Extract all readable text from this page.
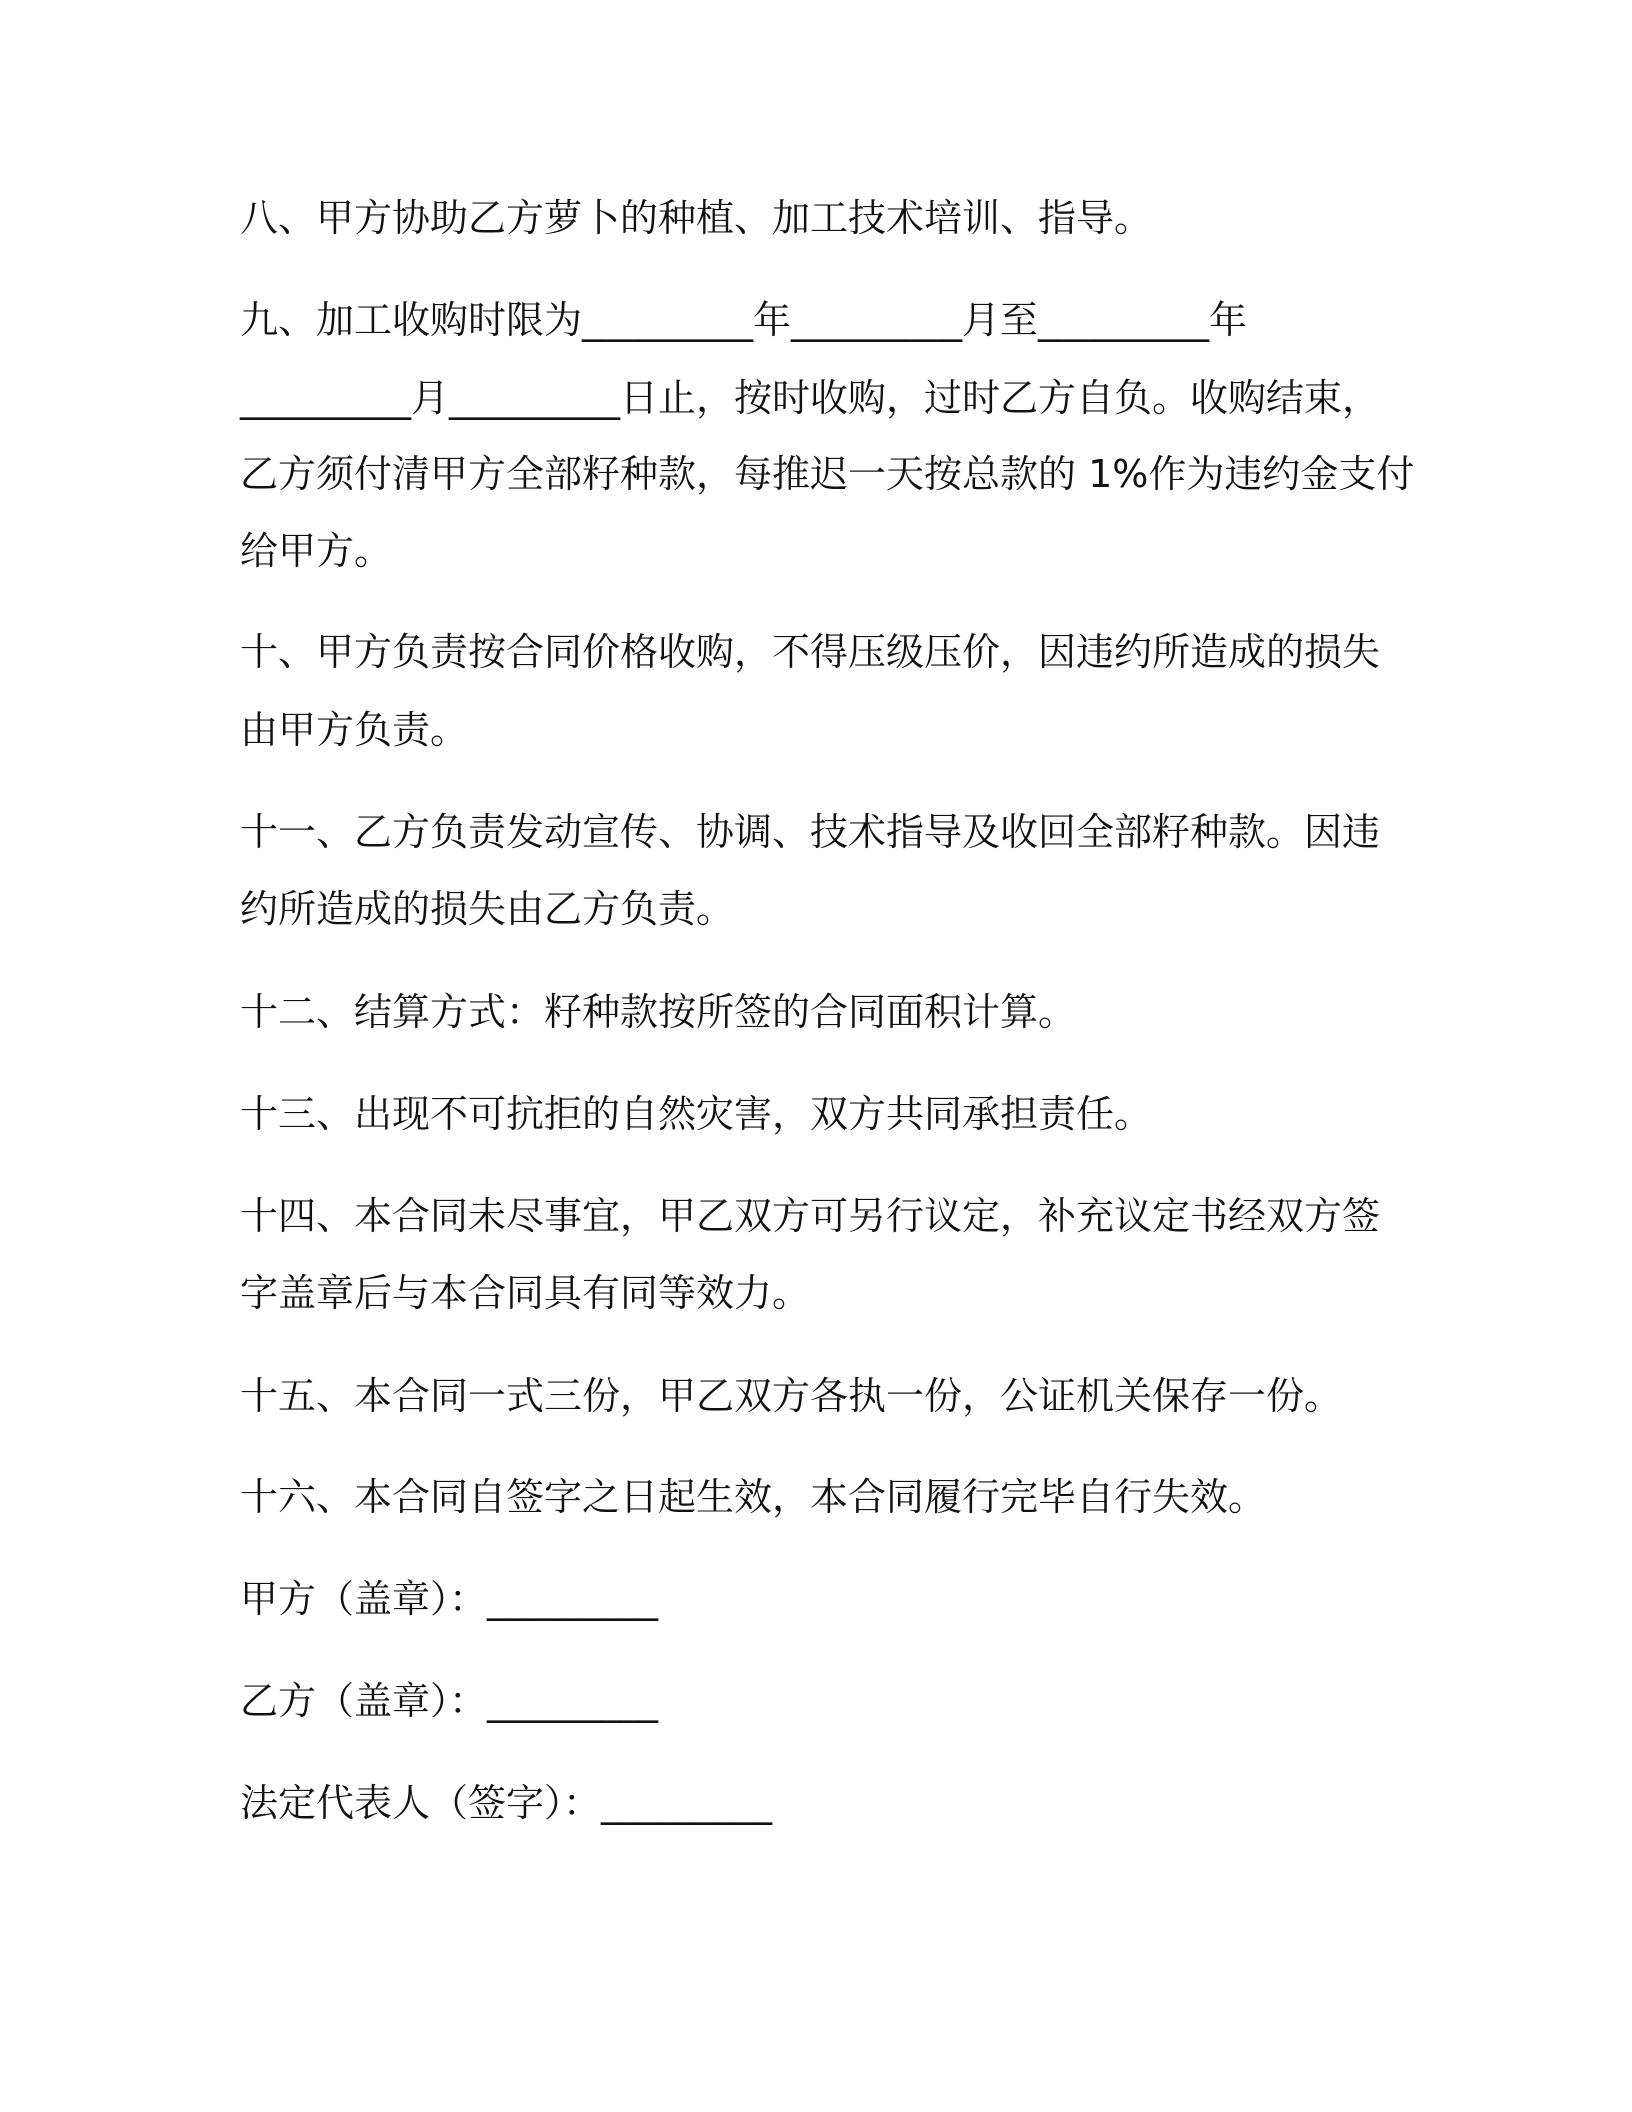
八、甲方协助乙方萝卜的种植、加工技术培训、指导。
九、加工收购时限为_________年_________月至_________年
_________月_________日止，按时收购，过时乙方自负。收购结束，
乙方须付清甲方全部籽种款，每推迟一天按总款的 1%作为违约金支付
给甲方。
十、甲方负责按合同价格收购，不得压级压价，因违约所造成的损失
由甲方负责。
十一、乙方负责发动宣传、协调、技术指导及收回全部籽种款。因违
约所造成的损失由乙方负责。
十二、结算方式：籽种款按所签的合同面积计算。
十三、出现不可抗拒的自然灾害，双方共同承担责任。
十四、本合同未尽事宜，甲乙双方可另行议定，补充议定书经双方签
字盖章后与本合同具有同等效力。
十五、本合同一式三份，甲乙双方各执一份，公证机关保存一份。
十六、本合同自签字之日起生效，本合同履行完毕自行失效。
甲方（盖章）：_________
乙方（盖章）：_________
法定代表人（签字）：_________
